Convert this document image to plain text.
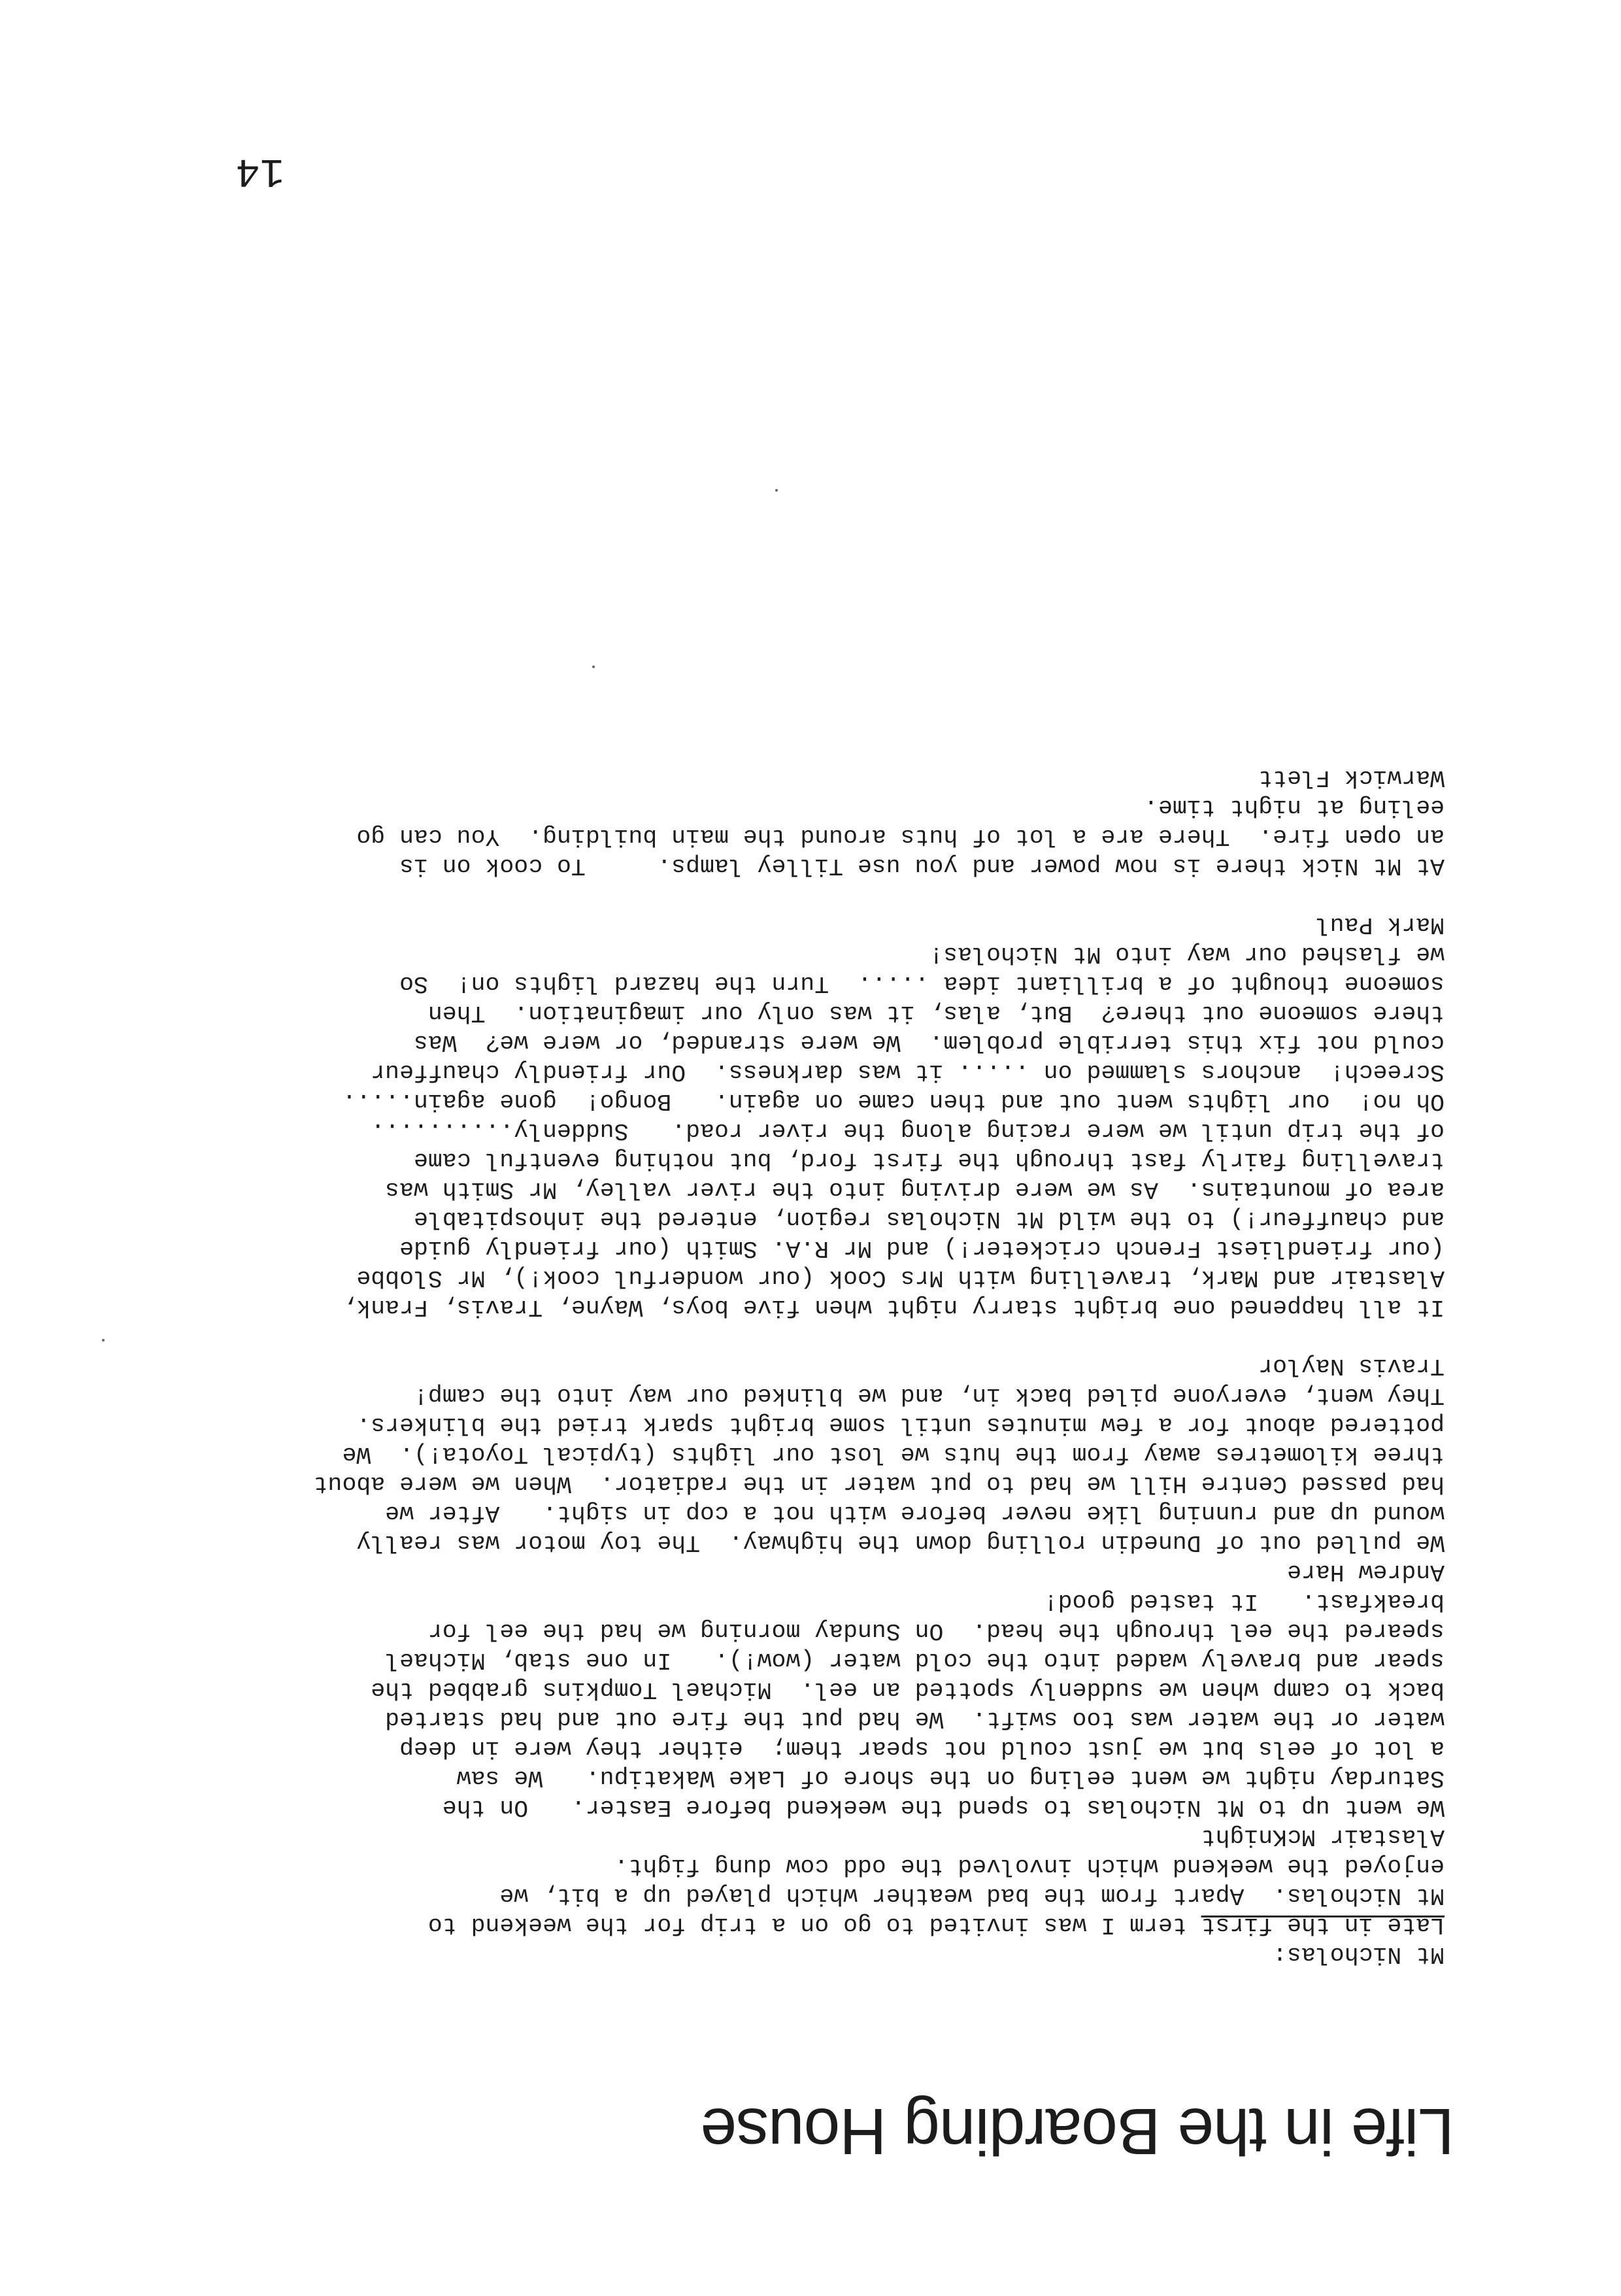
Life in the Boarding House
Mt Nicholas:
Late in the first term I was invited to go on a trip for the weekend to
Mt Nicholas.  Apart from the bad weather which played up a bit, we
enjoyed the weekend which involved the odd cow dung fight.
Alastair McKnight
We went up to Mt Nicholas to spend the weekend before Easter.   On the
Saturday night we went eeling on the shore of Lake Wakatipu.   We saw
a lot of eels but we just could not spear them;  either they were in deep
water or the water was too swift.  We had put the fire out and had started
back to camp when we suddenly spotted an eel.  Michael Tompkins grabbed the
spear and bravely waded into the cold water (wow!).   In one stab, Michael
speared the eel through the head.  On Sunday morning we had the eel for
breakfast.   It tasted good!
Andrew Hare
We pulled out of Dunedin rolling down the highway.  The toy motor was really
wound up and running like never before with not a cop in sight.   After we
had passed Centre Hill we had to put water in the radiator.  When we were about
three kilometres away from the huts we lost our lights (typical Toyota!).  We
pottered about for a few minutes until some bright spark tried the blinkers.
They went, everyone piled back in, and we blinked our way into the camp!
Travis Naylor
It all happened one bright starry night when five boys, Wayne, Travis, Frank,
Alastair and Mark, travelling with Mrs Cook (our wonderful cook!), Mr Slobbe
(our friendliest French cricketer!) and Mr R.A. Smith (our friendly guide
and chauffeur!) to the wild Mt Nicholas region, entered the inhospitable
area of mountains.  As we were driving into the river valley, Mr Smith was
travelling fairly fast through the first ford, but nothing eventful came
of the trip until we were racing along the river road.   Suddenly..........
Oh no!  our lights went out and then came on again.   Bongo!  gone again.....
Screech!  anchors slammed on ..... it was darkness.  Our friendly chauffeur
could not fix this terrible problem.  We were stranded, or were we?  Was
there someone out there?  But, alas, it was only our imagination.  Then
someone thought of a brilliant idea .....  Turn the hazard lights on!  So
we flashed our way into Mt Nicholas!
Mark Paul
At Mt Nick there is now power and you use Tilley lamps.     To cook on is
an open fire.  There are a lot of huts around the main building.  You can go
eeling at night time.
Warwick Flett
14
